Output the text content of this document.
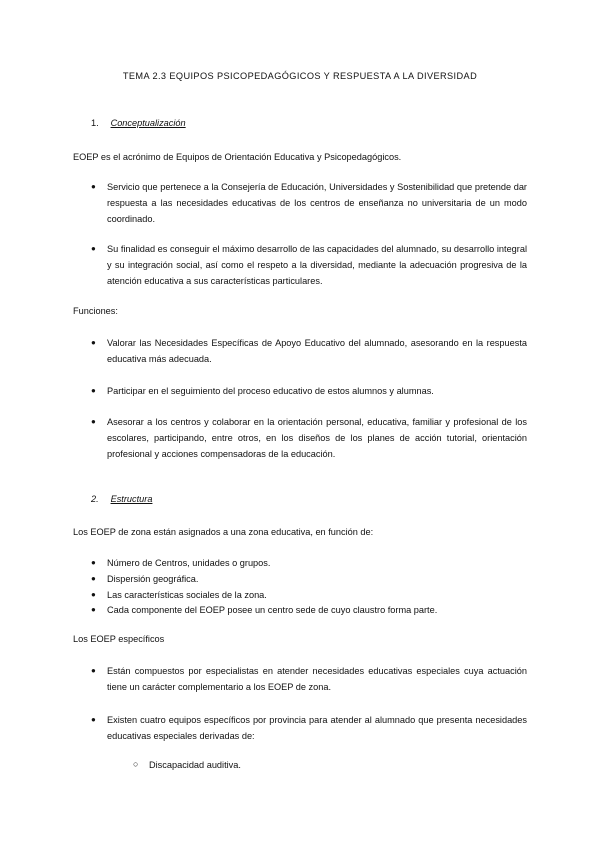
TEMA 2.3 EQUIPOS PSICOPEDAGÓGICOS Y RESPUESTA A LA DIVERSIDAD
1. Conceptualización
EOEP es el acrónimo de Equipos de Orientación Educativa y Psicopedagógicos.
● Servicio que pertenece a la Consejería de Educación, Universidades y Sostenibilidad que pretende dar respuesta a las necesidades educativas de los centros de enseñanza no universitaria de un modo coordinado.
● Su finalidad es conseguir el máximo desarrollo de las capacidades del alumnado, su desarrollo integral y su integración social, así como el respeto a la diversidad, mediante la adecuación progresiva de la atención educativa a sus características particulares.
Funciones:
● Valorar las Necesidades Específicas de Apoyo Educativo del alumnado, asesorando en la respuesta educativa más adecuada.
● Participar en el seguimiento del proceso educativo de estos alumnos y alumnas.
● Asesorar a los centros y colaborar en la orientación personal, educativa, familiar y profesional de los escolares, participando, entre otros, en los diseños de los planes de acción tutorial, orientación profesional y acciones compensadoras de la educación.
2. Estructura
Los EOEP de zona están asignados a una zona educativa, en función de:
● Número de Centros, unidades o grupos.
● Dispersión geográfica.
● Las características sociales de la zona.
● Cada componente del EOEP posee un centro sede de cuyo claustro forma parte.
Los EOEP específicos
● Están compuestos por especialistas en atender necesidades educativas especiales cuya actuación tiene un carácter complementario a los EOEP de zona.
● Existen cuatro equipos específicos por provincia para atender al alumnado que presenta necesidades educativas especiales derivadas de:
○ Discapacidad auditiva.
